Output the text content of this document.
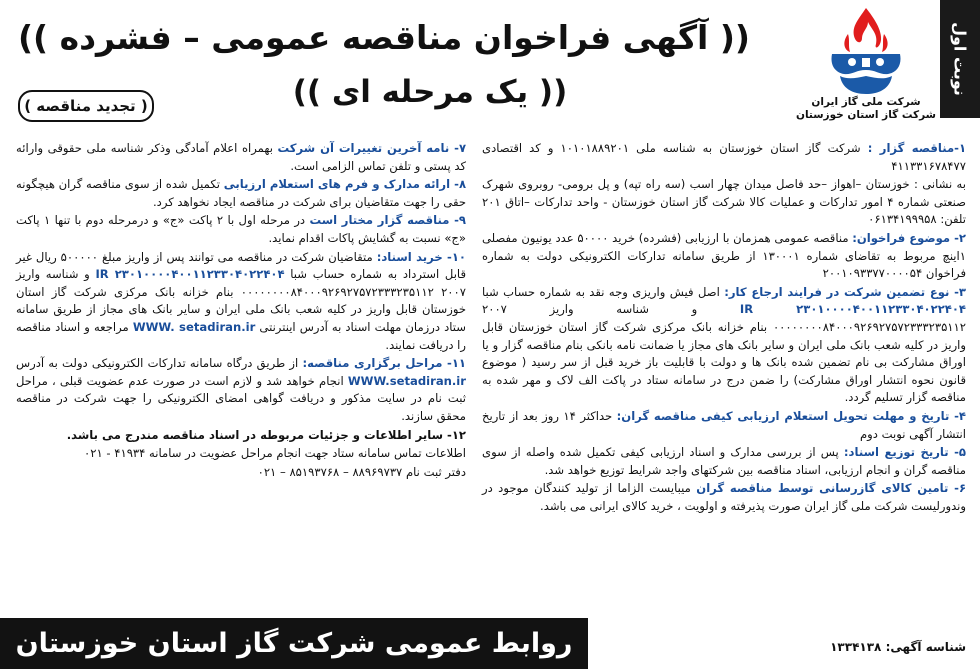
نوبت اول
شرکت ملی گاز ایران
شرکت گاز استان خوزستان
(( آگهی فراخوان مناقصه عمومی – فشرده ))
(( یک مرحله ای ))
( تجدید مناقصه )

۱-مناقصه گزار : شرکت گاز استان خوزستان به شناسه ملی ۱۰۱۰۱۸۸۹۲۰۱ و کد اقتصادی ۴۱۱۳۳۱۶۷۸۴۷۷

به نشانی : خوزستان –اهواز –حد فاصل میدان چهار اسب (سه راه تپه) و پل برومی- روبروی شهرک صنعتی شماره ۴ امور تدارکات و عملیات کالا شرکت گاز استان خوزستان - واحد تدارکات –اتاق ۲۰۱ تلفن: ۰۶۱۳۴۱۹۹۹۵۸

۲- موضوع فراخوان: مناقصه عمومی همزمان با ارزیابی (فشرده) خرید ۵۰۰۰۰ عدد یونیون مفصلی ۱اینچ مربوط به تقاضای شماره ۱۳۰۰۰۱ از طریق سامانه تدارکات الکترونیکی دولت به شماره فراخوان ۲۰۰۱۰۹۳۳۷۷۰۰۰۰۵۴

۳- نوع تضمین شرکت در فرایند ارجاع کار: اصل فیش واریزی وجه نقد به شماره حساب شبا IR ۲۳۰۱۰۰۰۰۴۰۰۱۱۲۳۳۰۴۰۲۲۴۰۴ و شناسه واریز ۲۰۰۷ ۰۰۰۰۰۰۰۰۸۴۰۰۰۹۲۶۹۲۷۵۷۲۳۳۳۲۳۵۱۱۲ بنام خزانه بانک مرکزی شرکت گاز استان خوزستان قابل واریز در کلیه شعب بانک ملی ایران و سایر بانک های مجاز یا ضمانت نامه بانکی بنام مناقصه گزار و یا اوراق مشارکت بی نام تضمین شده بانک ها و دولت با قابلیت باز خرید قبل از سر رسید ( موضوع قانون نحوه انتشار اوراق مشارکت) را ضمن درج در سامانه ستاد در پاکت الف لاک و مهر شده به مناقصه گزار تسلیم گردد.

۴- تاریخ و مهلت تحویل استعلام ارزیابی کیفی مناقصه گران: حداکثر ۱۴ روز بعد از تاریخ انتشار آگهی نوبت دوم

۵- تاریخ توزیع اسناد: پس از بررسی مدارک و اسناد ارزیابی کیفی تکمیل شده واصله از سوی مناقصه گران و انجام ارزیابی، اسناد مناقصه بین شرکتهای واجد شرایط توزیع خواهد شد.

۶- تامین کالای گازرسانی توسط مناقصه گران میبایست الزاما از تولید کنندگان موجود در وندورلیست شرکت ملی گاز ایران صورت پذیرفته و اولویت ، خرید کالای ایرانی می باشد.

۷- نامه آخرین تغییرات آن شرکت بهمراه اعلام آمادگی وذکر شناسه ملی حقوقی وارائه کد پستی و تلفن تماس الزامی است.

۸- ارائه مدارک و فرم های استعلام ارزیابی تکمیل شده از سوی مناقصه گران هیچگونه حقی را جهت متقاضیان برای شرکت در مناقصه ایجاد نخواهد کرد.

۹- مناقصه گزار مختار است در مرحله اول با ۲ پاکت «ج» و درمرحله دوم با تنها ۱ پاکت «ج» نسبت به گشایش پاکات اقدام نماید.

۱۰- خرید اسناد: متقاضیان شرکت در مناقصه می توانند پس از واریز مبلغ ۵۰۰۰۰۰ ریال غیر قابل استرداد به شماره حساب شبا IR ۲۳۰۱۰۰۰۰۴۰۰۱۱۲۳۳۰۴۰۲۲۴۰۴ و شناسه واریز ۲۰۰۷ ۰۰۰۰۰۰۰۰۸۴۰۰۰۹۲۶۹۲۷۵۷۲۳۳۳۲۳۵۱۱۲ بنام خزانه بانک مرکزی شرکت گاز استان خوزستان قابل واریز در کلیه شعب بانک ملی ایران و سایر بانک های مجاز از طریق سامانه ستاد درزمان مهلت اسناد به آدرس اینترنتی WWW. setadiran.ir مراجعه و اسناد مناقصه را دریافت نمایند.

۱۱- مراحل برگزاری مناقصه: از طریق درگاه سامانه تدارکات الکترونیکی دولت به آدرس WWW.setadiran.ir انجام خواهد شد و لازم است در صورت عدم عضویت قبلی ، مراحل ثبت نام در سایت مذکور و دریافت گواهی امضای الکترونیکی را جهت شرکت در مناقصه محقق سازند.

۱۲- سایر اطلاعات و جزئیات مربوطه در اسناد مناقصه مندرج می باشد.

اطلاعات تماس سامانه ستاد جهت انجام مراحل عضویت در سامانه ۴۱۹۳۴ - ۰۲۱

دفتر ثبت نام ۸۸۹۶۹۷۳۷ – ۸۵۱۹۳۷۶۸ – ۰۲۱

روابط عمومی شرکت گاز استان خوزستان	شناسه آگهی: ۱۳۳۴۱۳۸
